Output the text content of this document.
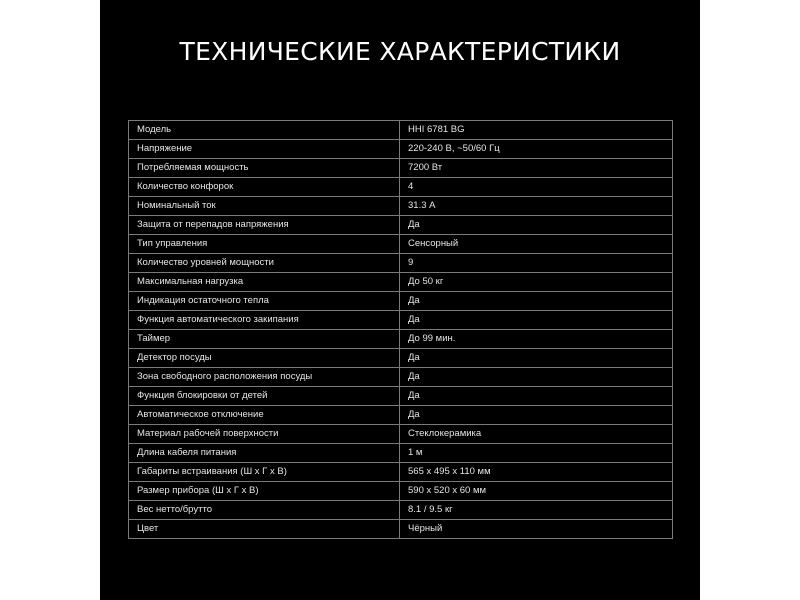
ТЕХНИЧЕСКИЕ ХАРАКТЕРИСТИКИ
Модель	HHI 6781 BG
Напряжение	220-240 В, ~50/60 Гц
Потребляемая мощность	7200 Вт
Количество конфорок	4
Номинальный ток	31.3 А
Защита от перепадов напряжения	Да
Тип управления	Сенсорный
Количество уровней мощности	9
Максимальная нагрузка	До 50 кг
Индикация остаточного тепла	Да
Функция автоматического закипания	Да
Таймер	До 99 мин.
Детектор посуды	Да
Зона свободного расположения посуды	Да
Функция блокировки от детей	Да
Автоматическое отключение	Да
Материал рабочей поверхности	Стеклокерамика
Длина кабеля питания	1 м
Габариты встраивания (Ш х Г х В)	565 х 495 х 110 мм
Размер прибора (Ш х Г х В)	590 х 520 х 60 мм
Вес нетто/брутто	8.1 / 9.5 кг
Цвет	Чёрный
